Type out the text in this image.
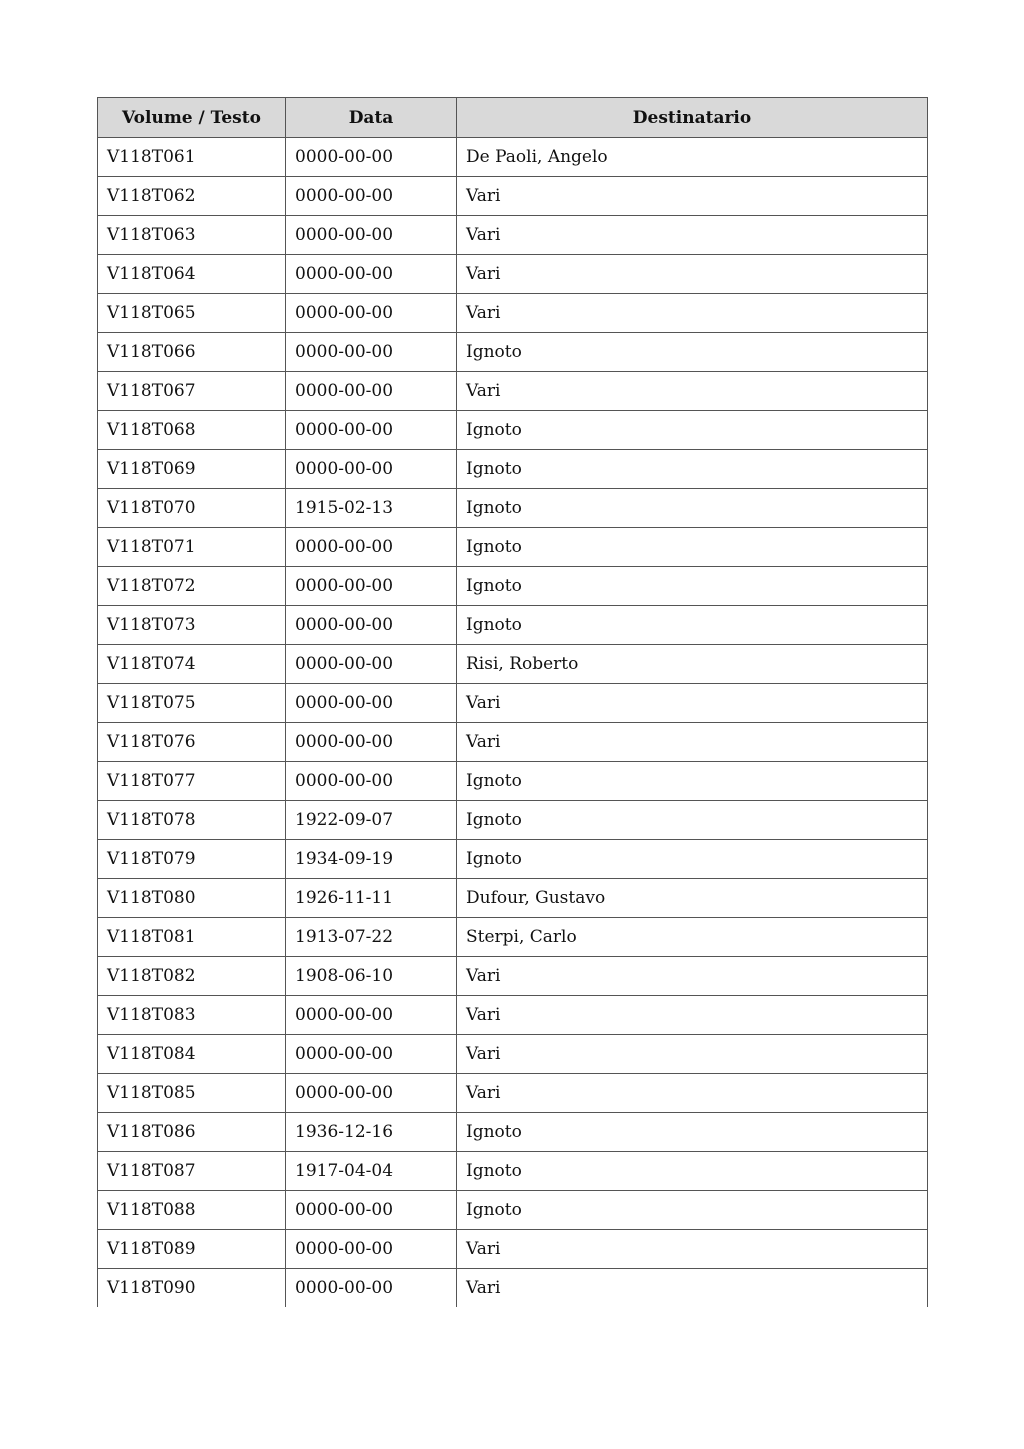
Volume / Testo	Data	Destinatario
V118T061	0000-00-00	De Paoli, Angelo
V118T062	0000-00-00	Vari
V118T063	0000-00-00	Vari
V118T064	0000-00-00	Vari
V118T065	0000-00-00	Vari
V118T066	0000-00-00	Ignoto
V118T067	0000-00-00	Vari
V118T068	0000-00-00	Ignoto
V118T069	0000-00-00	Ignoto
V118T070	1915-02-13	Ignoto
V118T071	0000-00-00	Ignoto
V118T072	0000-00-00	Ignoto
V118T073	0000-00-00	Ignoto
V118T074	0000-00-00	Risi, Roberto
V118T075	0000-00-00	Vari
V118T076	0000-00-00	Vari
V118T077	0000-00-00	Ignoto
V118T078	1922-09-07	Ignoto
V118T079	1934-09-19	Ignoto
V118T080	1926-11-11	Dufour, Gustavo
V118T081	1913-07-22	Sterpi, Carlo
V118T082	1908-06-10	Vari
V118T083	0000-00-00	Vari
V118T084	0000-00-00	Vari
V118T085	0000-00-00	Vari
V118T086	1936-12-16	Ignoto
V118T087	1917-04-04	Ignoto
V118T088	0000-00-00	Ignoto
V118T089	0000-00-00	Vari
V118T090	0000-00-00	Vari
